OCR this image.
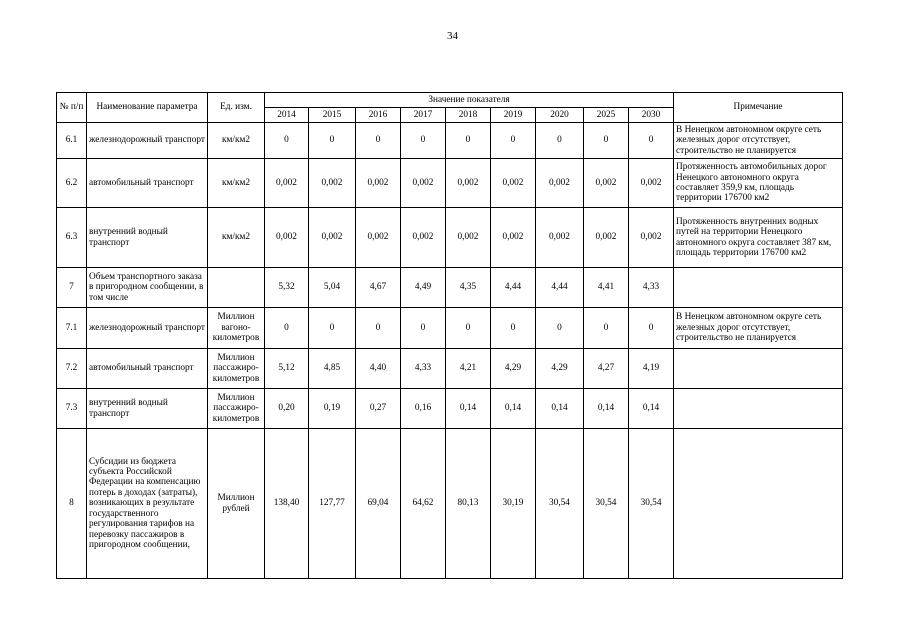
34
№ п/п	Наименование параметра	Ед. изм.	Значение показателя									Примечание
			2014	2015	2016	2017	2018	2019	2020	2025	2030	
6.1	железнодорожный транспорт	км/км2	0	0	0	0	0	0	0	0	0	В Ненецком автономном округе сеть железных дорог отсутствует, строительство не планируется
6.2	автомобильный транспорт	км/км2	0,002	0,002	0,002	0,002	0,002	0,002	0,002	0,002	0,002	Протяженность автомобильных дорог Ненецкого автономного округа составляет 359,9 км, площадь территории 176700 км2
6.3	внутренний водный транспорт	км/км2	0,002	0,002	0,002	0,002	0,002	0,002	0,002	0,002	0,002	Протяженность внутренних водных путей на территории Ненецкого автономного округа составляет 387 км, площадь территории 176700 км2
7	Объем транспортного заказа в пригородном сообщении, в том числе		5,32	5,04	4,67	4,49	4,35	4,44	4,44	4,41	4,33	
7.1	железнодорожный транспорт	Миллион вагоно-километров	0	0	0	0	0	0	0	0	0	В Ненецком автономном округе сеть железных дорог отсутствует, строительство не планируется
7.2	автомобильный транспорт	Миллион пассажиро-километров	5,12	4,85	4,40	4,33	4,21	4,29	4,29	4,27	4,19	
7.3	внутренний водный транспорт	Миллион пассажиро-километров	0,20	0,19	0,27	0,16	0,14	0,14	0,14	0,14	0,14	
8	Субсидии из бюджета субъекта Российской Федерации на компенсацию потерь в доходах (затраты), возникающих в результате государственного регулирования тарифов на перевозку пассажиров в пригородном сообщении,	Миллион рублей	138,40	127,77	69,04	64,62	80,13	30,19	30,54	30,54	30,54	
